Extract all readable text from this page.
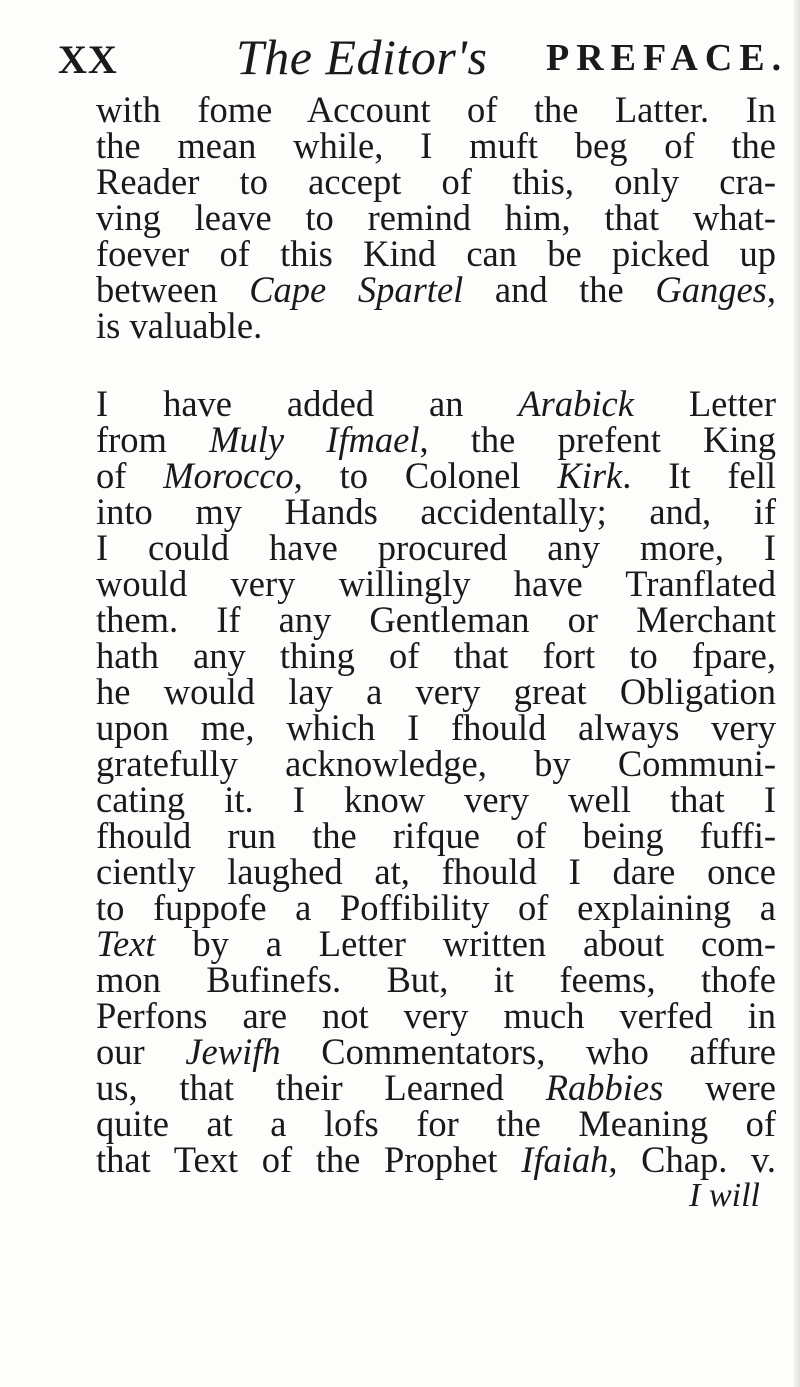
XX The Editor's PREFACE.
with fome Account of the Latter. In
the mean while, I muft beg of the
Reader to accept of this, only cra-
ving leave to remind him, that what-
foever of this Kind can be picked up
between Cape Spartel and the Ganges,
is valuable.
I have added an Arabick Letter
from Muly Ifmael, the prefent King
of Morocco, to Colonel Kirk. It fell
into my Hands accidentally; and, if
I could have procured any more, I
would very willingly have Tranflated
them. If any Gentleman or Merchant
hath any thing of that fort to fpare,
he would lay a very great Obligation
upon me, which I fhould always very
gratefully acknowledge, by Communi-
cating it. I know very well that I
fhould run the rifque of being fuffi-
ciently laughed at, fhould I dare once
to fuppofe a Poffibility of explaining a
Text by a Letter written about com-
mon Bufinefs. But, it feems, thofe
Perfons are not very much verfed in
our Jewifh Commentators, who affure
us, that their Learned Rabbies were
quite at a lofs for the Meaning of
that Text of the Prophet Ifaiah, Chap. v.
I will
